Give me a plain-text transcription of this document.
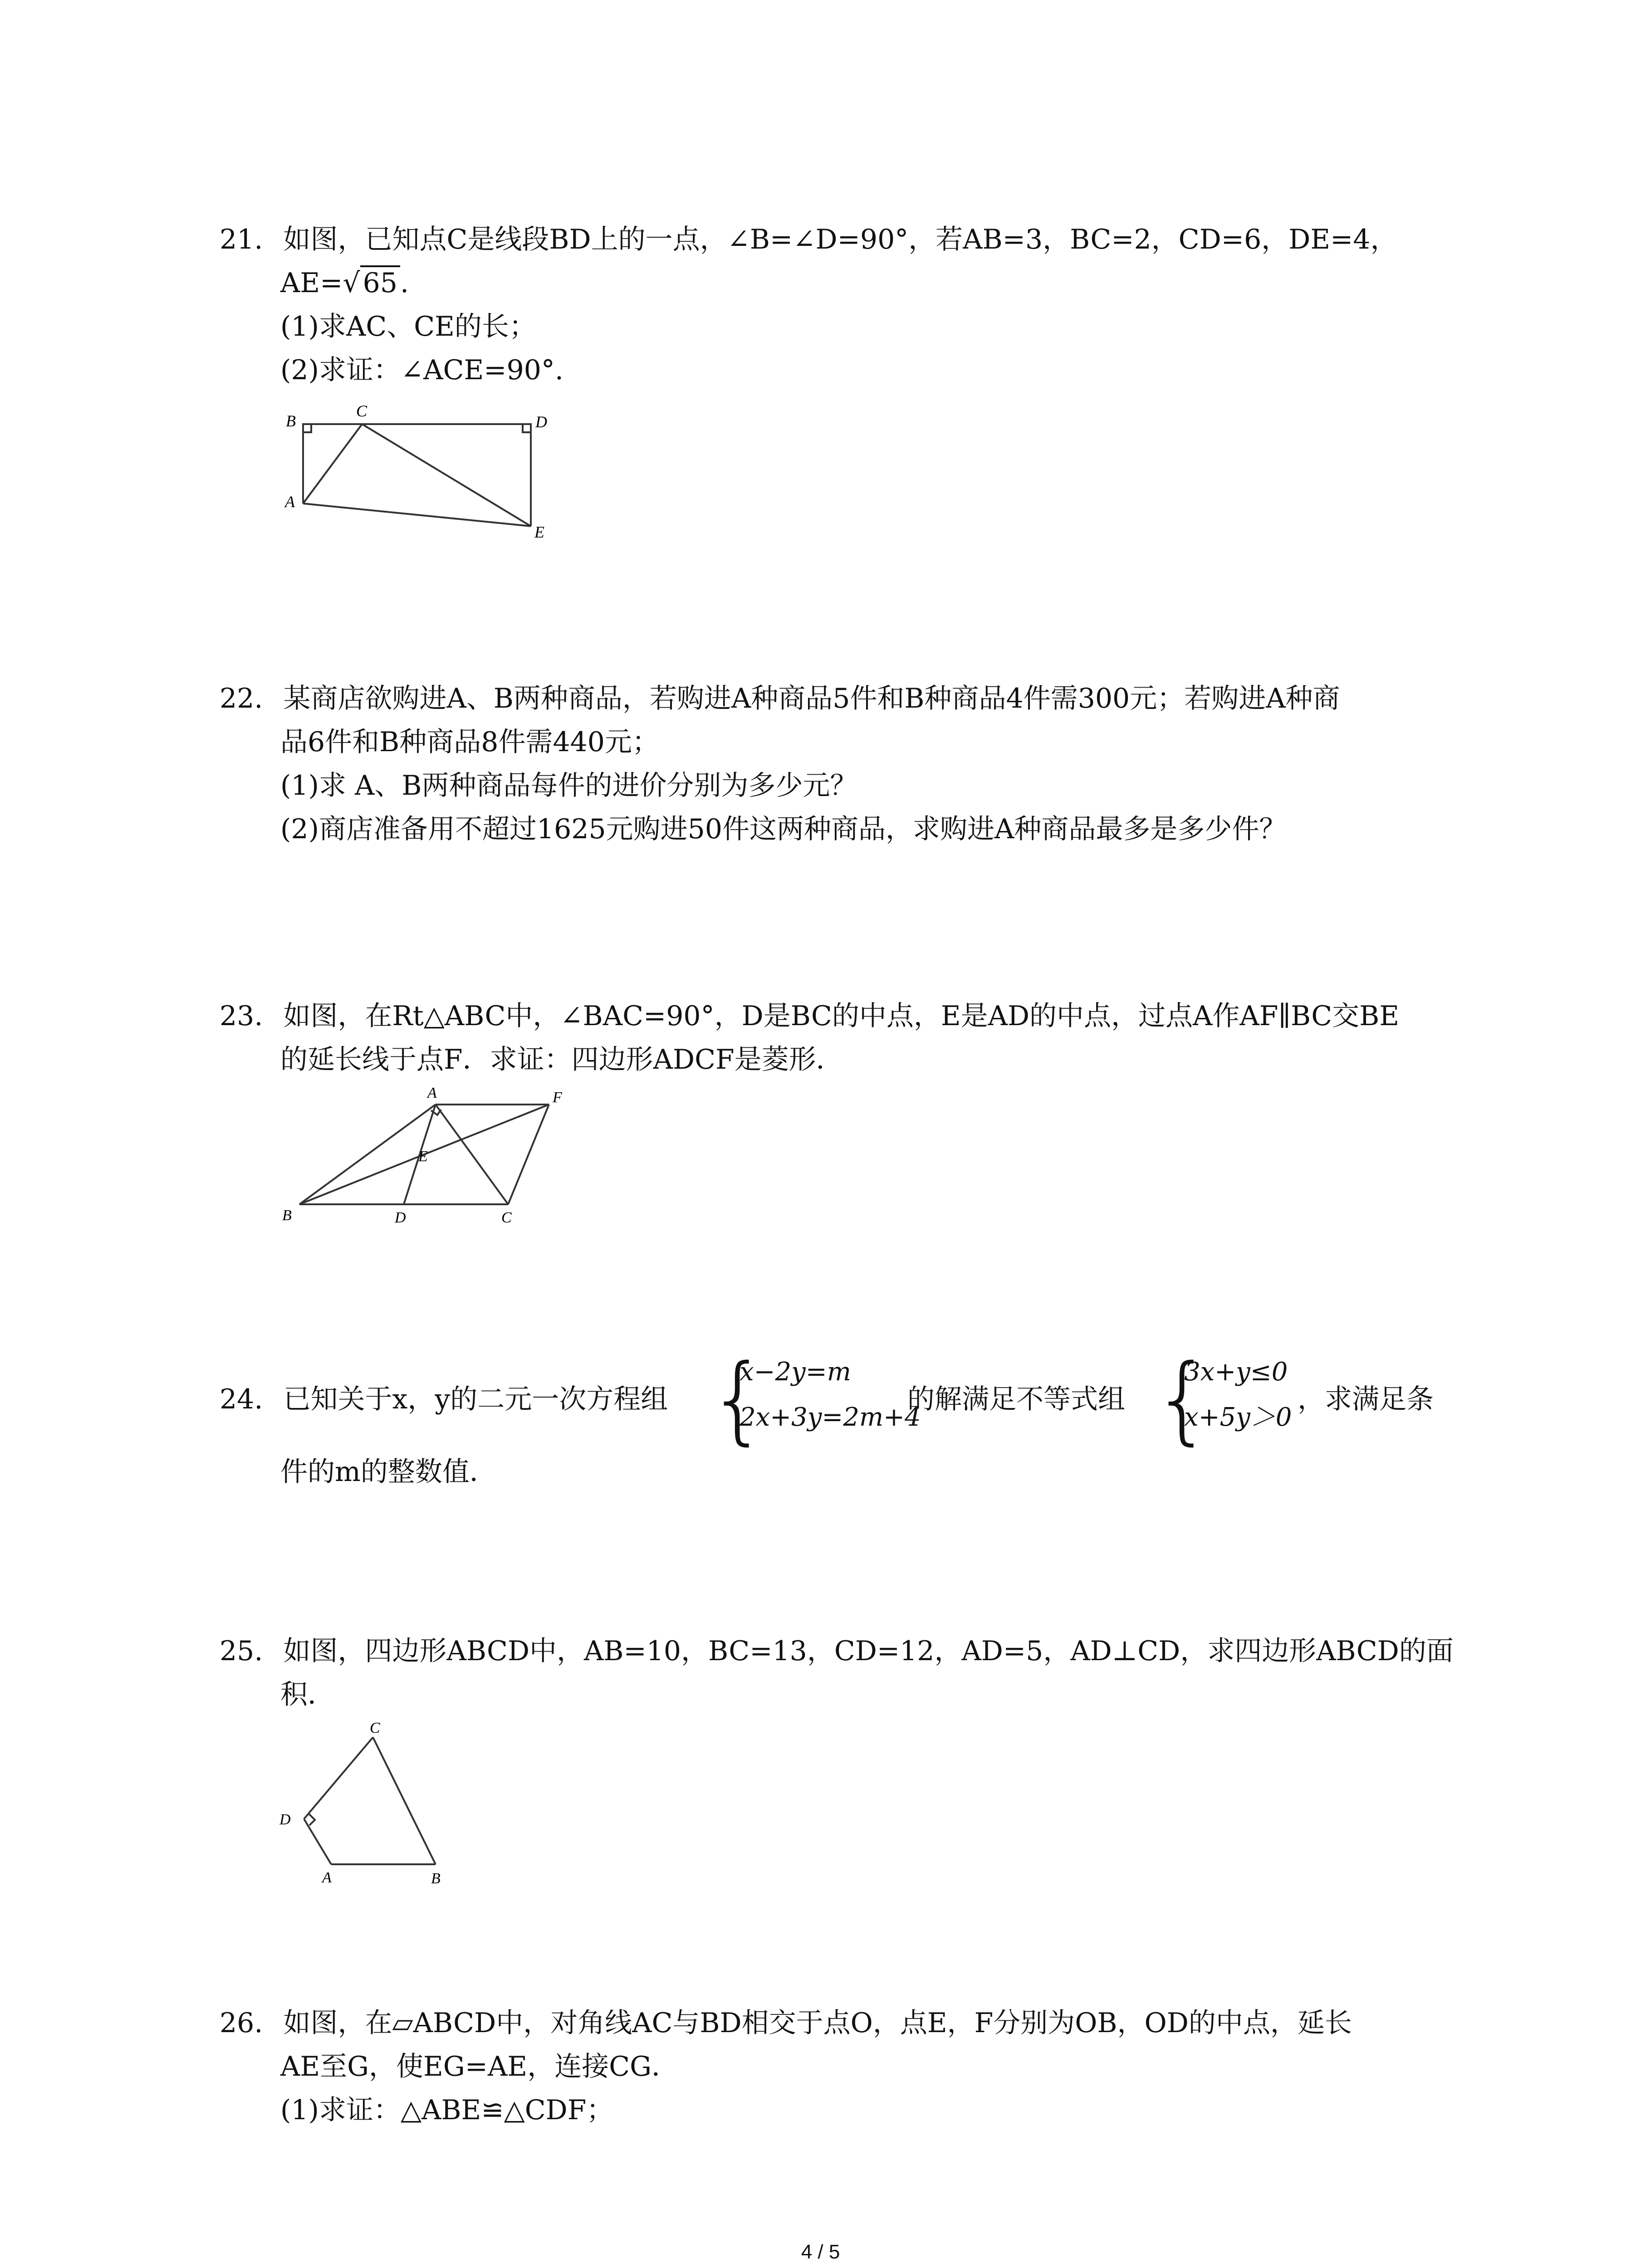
21. 如图，已知点C是线段BD上的一点，∠B=∠D=90°，若AB=3，BC=2，CD=6，DE=4，
AE=√ 65 .
(1)求AC、CE的长；
(2)求证：∠ACE=90°.
B
C
D
A
E
22. 某商店欲购进A、B两种商品，若购进A种商品5件和B种商品4件需300元；若购进A种商
品6件和B种商品8件需440元；
(1)求 A、B两种商品每件的进价分别为多少元？
(2)商店准备用不超过1625元购进50件这两种商品，求购进A种商品最多是多少件？
23. 如图，在Rt△ABC中，∠BAC=90°，D是BC的中点，E是AD的中点，过点A作AF∥BC交BE
的延长线于点F．求证：四边形ADCF是菱形．
A	F
E
B	D	C
24. 已知关于x，y的二元一次方程组 {
x−2y=m
2x+3y=2m+4
的解满足不等式组 {
3x+y≤0
x+5y＞0
，求满足条
件的m的整数值．
25. 如图，四边形ABCD中，AB=10，BC=13，CD=12，AD=5，AD⊥CD，求四边形ABCD的面
积．
C
D
A	B
26. 如图，在▱ABCD中，对角线AC与BD相交于点O，点E，F分别为OB，OD的中点，延长
AE至G，使EG=AE，连接CG．
(1)求证：△ABE≌△CDF；
4 / 5
